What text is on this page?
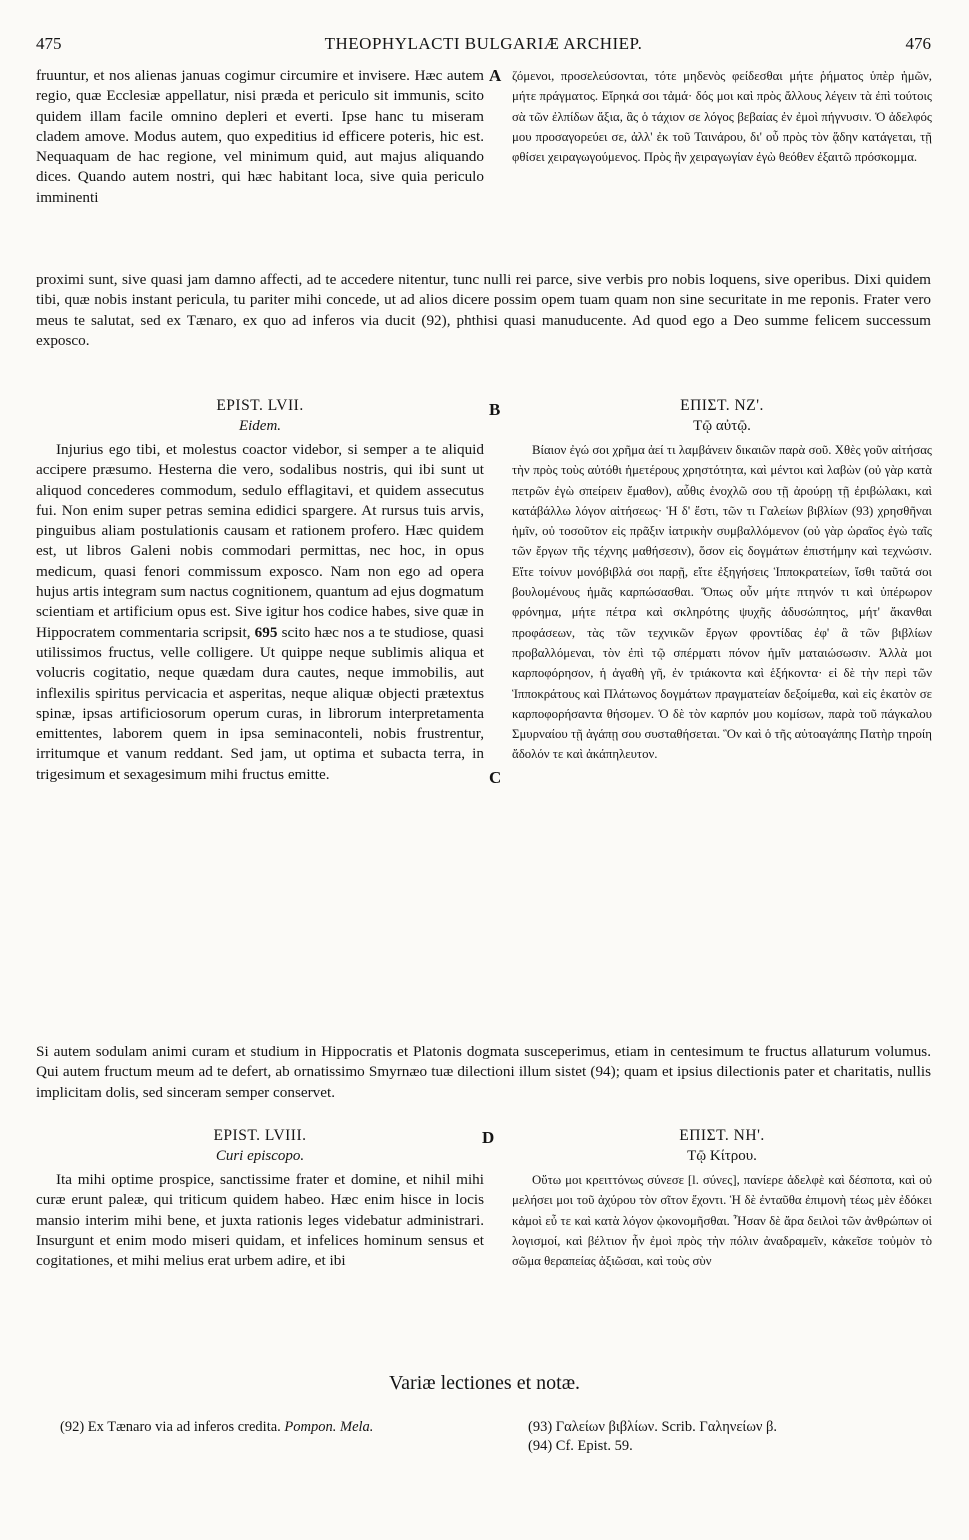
475	THEOPHYLACTI BULGARIÆ ARCHIEP.	476

fruuntur, et nos alienas januas cogimur circumire et invisere. Hæc autem regio, quæ Ecclesiæ appellatur, nisi præda et periculo sit immunis, scito quidem illam facile omnino depleri et everti. Ipse hanc tu miseram cladem amove. Modus autem, quo expeditius id efficere poteris, hic est. Nequaquam de hac regione, vel minimum quid, aut majus aliquando dices. Quando autem nostri, qui hæc habitant loca, sive quia periculo imminenti

A ζόμενοι, προσελεύσονται, τότε μηδενὸς φείδεσθαι μήτε ῥήματος ὑπὲρ ἡμῶν, μήτε πράγματος. Εἴρηκά σοι τἀμά· δός μοι καὶ πρὸς ἄλλους λέγειν τὰ ἐπὶ τούτοις σὰ τῶν ἐλπίδων ἄξια, ἃς ὁ τάχιον σε λόγος βεβαίας ἐν ἐμοὶ πήγνυσιν. Ὁ ἀδελφός μου προσαγορεύει σε, ἀλλ' ἐκ τοῦ Ταινάρου, δι' οὗ πρὸς τὸν ᾅδην κατάγεται, τῇ φθίσει χειραγωγούμενος. Πρὸς ἣν χειραγωγίαν ἐγὼ θεόθεν ἐξαιτῶ πρόσκομμα.

proximi sunt, sive quasi jam damno affecti, ad te accedere nitentur, tunc nulli rei parce, sive verbis pro nobis loquens, sive operibus. Dixi quidem tibi, quæ nobis instant pericula, tu pariter mihi concede, ut ad alios dicere possim opem tuam quam non sine securitate in me reponis. Frater vero meus te salutat, sed ex Tænaro, ex quo ad inferos via ducit (92), phthisi quasi manuducente. Ad quod ego a Deo summe felicem successum exposco.

EPIST. LVII.
Eidem.
B	ΕΠΙΣΤ. ΝΖ'.
Τῷ αὐτῷ.
Injurius ego tibi, et molestus coactor videbor, si semper a te aliquid accipere præsumo. Hesterna die vero, sodalibus nostris, qui ibi sunt ut aliquod concederes commodum, sedulo efflagitavi, et quidem assecutus fui. Non enim super petras semina edidici spargere. At rursus tuis arvis, pinguibus aliam postulationis causam et rationem profero. Hæc quidem est, ut libros Galeni nobis commodari permittas, nec hoc, in opus medicum, quasi fenori commissum exposco. Nam non ego ad opera hujus artis integram sum nactus cognitionem, quantum ad ejus dogmatum scientiam et artificium opus est. Sive igitur hos codice habes, sive quæ in Hippocratem commentaria scripsit, 695 scito hæc nos a te studiose, quasi utilissimos fructus, velle colligere. Ut quippe neque sublimis aliqua et volucris cogitatio, neque quædam dura cautes, neque immobilis, aut inflexilis spiritus pervicacia et asperitas, neque aliquæ objecti prætextus spinæ, ipsas artificiosorum operum curas, in librorum interpretamenta emittentes, laborem quem in ipsa seminaconteli, nobis frustrentur, irritumque et vanum reddant. Sed jam, ut optima et subacta terra, in trigesimum et sexagesimum mihi fructus emitte.	C

Βίαιον ἐγώ σοι χρῆμα ἀεί τι λαμβάνειν δικαιῶν παρὰ σοῦ. Χθὲς γοῦν αἰτήσας τὴν πρὸς τοὺς αὐτόθι ἡμετέρους χρηστότητα, καὶ μέντοι καὶ λαβὼν (οὐ γὰρ κατὰ πετρῶν ἐγὼ σπείρειν ἔμαθον), αὖθις ἐνοχλῶ σου τῇ ἀρούρῃ τῇ ἐριβώλακι, καὶ κατάβάλλω λόγον αἰτήσεως· Ἡ δ' ἔστι, τῶν τι Γαλείων βιβλίων (93) χρησθῆναι ἡμῖν, οὐ τοσοῦτον εἰς πρᾶξιν ἰατρικὴν συμβαλλόμενον (οὐ γὰρ ὡραῖος ἐγὼ ταῖς τῶν ἔργων τῆς τέχνης μαθήσεσιν), ὅσον εἰς δογμάτων ἐπιστήμην καὶ τεχνώσιν. Εἴτε τοίνυν μονόβιβλά σοι παρῇ, εἴτε ἐξηγήσεις Ἱπποκρατείων, ἴσθι ταῦτά σοι βουλομένους ἡμᾶς καρπώσασθαι. Ὅπως οὖν μήτε πτηνόν τι καὶ ὑπέρωρον φρόνημα, μήτε πέτρα καὶ σκληρότης ψυχῆς ἀδυσώπητος, μήτ' ἄκανθαι προφάσεων, τὰς τῶν τεχνικῶν ἔργων φροντίδας ἐφ' ἃ τῶν βιβλίων προβαλλόμεναι, τὸν ἐπὶ τῷ σπέρματι πόνον ἡμῖν ματαιώσωσιν. Ἀλλὰ μοι καρποφόρησον, ἡ ἀγαθὴ γῆ, ἐν τριάκοντα καὶ ἑξήκοντα· εἰ δὲ τὴν περὶ τῶν Ἱπποκράτους καὶ Πλάτωνος δογμάτων πραγματείαν δεξοίμεθα, καὶ εἰς ἑκατὸν σε καρποφορήσαντα θήσομεν. Ὁ δὲ τὸν καρπόν μου κομίσων, παρὰ τοῦ πάγκαλου Σμυρναίου τῇ ἀγάπῃ σου συσταθήσεται. Ὃν καὶ ὁ τῆς αὐτοαγάπης Πατὴρ τηροίη ἄδολόν τε καὶ ἀκάπηλευτον.

Si autem sodulam animi curam et studium in Hippocratis et Platonis dogmata susceperimus, etiam in centesimum te fructus allaturum volumus. Qui autem fructum meum ad te defert, ab ornatissimo Smyrnæo tuæ dilectioni illum sistet (94); quam et ipsius dilectionis pater et charitatis, nullis implicitam dolis, sed sinceram semper conservet.

EPIST. LVIII.
Curi episcopo.
D	ΕΠΙΣΤ. ΝΗ'.
Τῷ Κίτρου.

Ita mihi optime prospice, sanctissime frater et domine, et nihil mihi curæ erunt paleæ, qui triticum quidem habeo. Hæc enim hisce in locis mansio interim mihi bene, et juxta rationis leges videbatur administrari. Insurgunt et enim modo miseri quidam, et infelices hominum sensus et cogitationes, et mihi melius erat urbem adire, et ibi

Οὕτω μοι κρειττόνως σύνεσε [l. σύνες], πανίερε ἀδελφὲ καὶ δέσποτα, καὶ οὐ μελήσει μοι τοῦ ἀχύρου τὸν σῖτον ἔχοντι. Ἡ δὲ ἐνταῦθα ἐπιμονὴ τέως μὲν ἐδόκει κἀμοὶ εὖ τε καὶ κατὰ λόγον ᾠκονομῆσθαι. Ἦσαν δὲ ἄρα δειλοὶ τῶν ἀνθρώπων οἱ λογισμοί, καὶ βέλτιον ἦν ἐμοὶ πρὸς τὴν πόλιν ἀναδραμεῖν, κἀκεῖσε τοὐμὸν τὸ σῶμα θεραπείας ἀξιῶσαι, καὶ τοὺς σὺν

Variæ lectiones et notæ.
(92) Ex Tænaro via ad inferos credita. Pompon. Mela.	(93) Γαλείων βιβλίων. Scrib. Γαληνείων β.
(94) Cf. Epist. 59.
